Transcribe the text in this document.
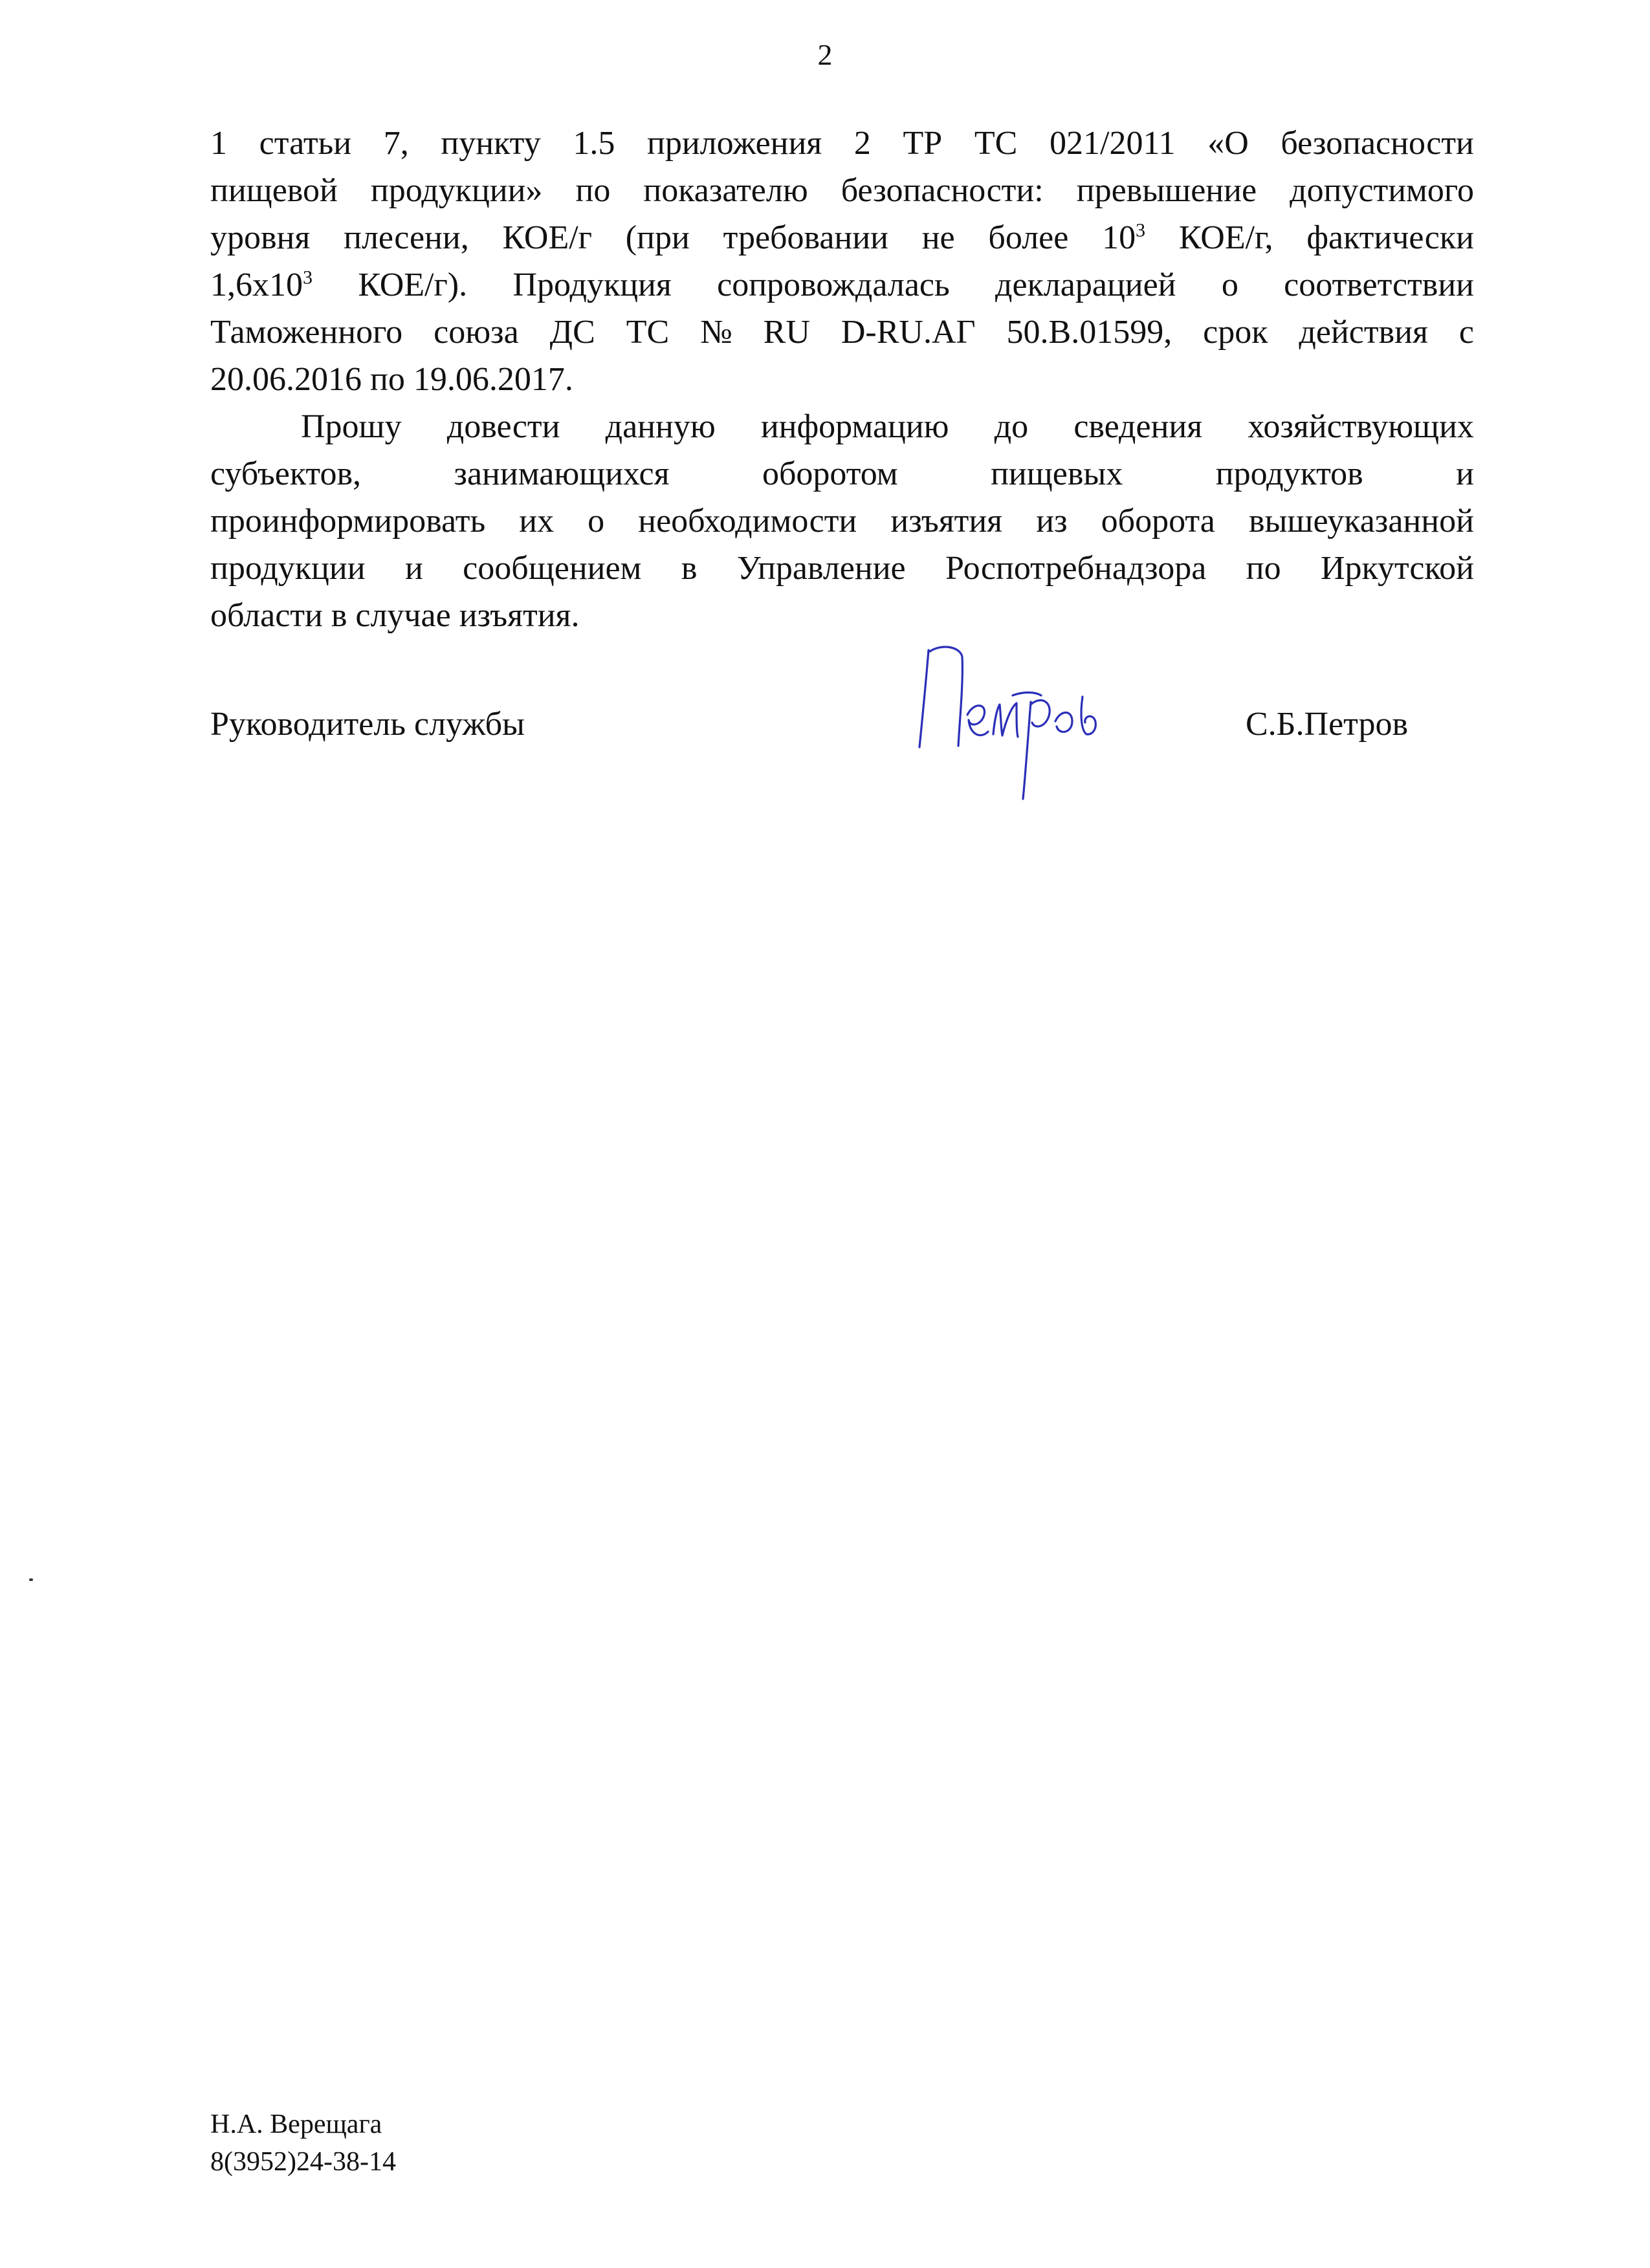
2
1 статьи 7, пункту 1.5 приложения 2 ТР ТС 021/2011 «О безопасности
пищевой продукции» по показателю безопасности: превышение допустимого
уровня плесени, КОЕ/г (при требовании не более $10^3$ КОЕ/г, фактически
$1,6х10^3$ КОЕ/г). Продукция сопровождалась декларацией о соответствии
Таможенного союза ДС ТС № RU D-RU.АГ 50.В.01599, срок действия с
20.06.2016 по 19.06.2017.
Прошу довести данную информацию до сведения хозяйствующих
субъектов,	занимающихся	оборотом	пищевых	продуктов	и
проинформировать их о необходимости изъятия из оборота вышеуказанной
продукции и сообщением в Управление Роспотребнадзора по Иркутской
области в случае изъятия.
Руководитель службы	С.Б.Петров
Н.А. Верещага
8(3952)24-38-14
